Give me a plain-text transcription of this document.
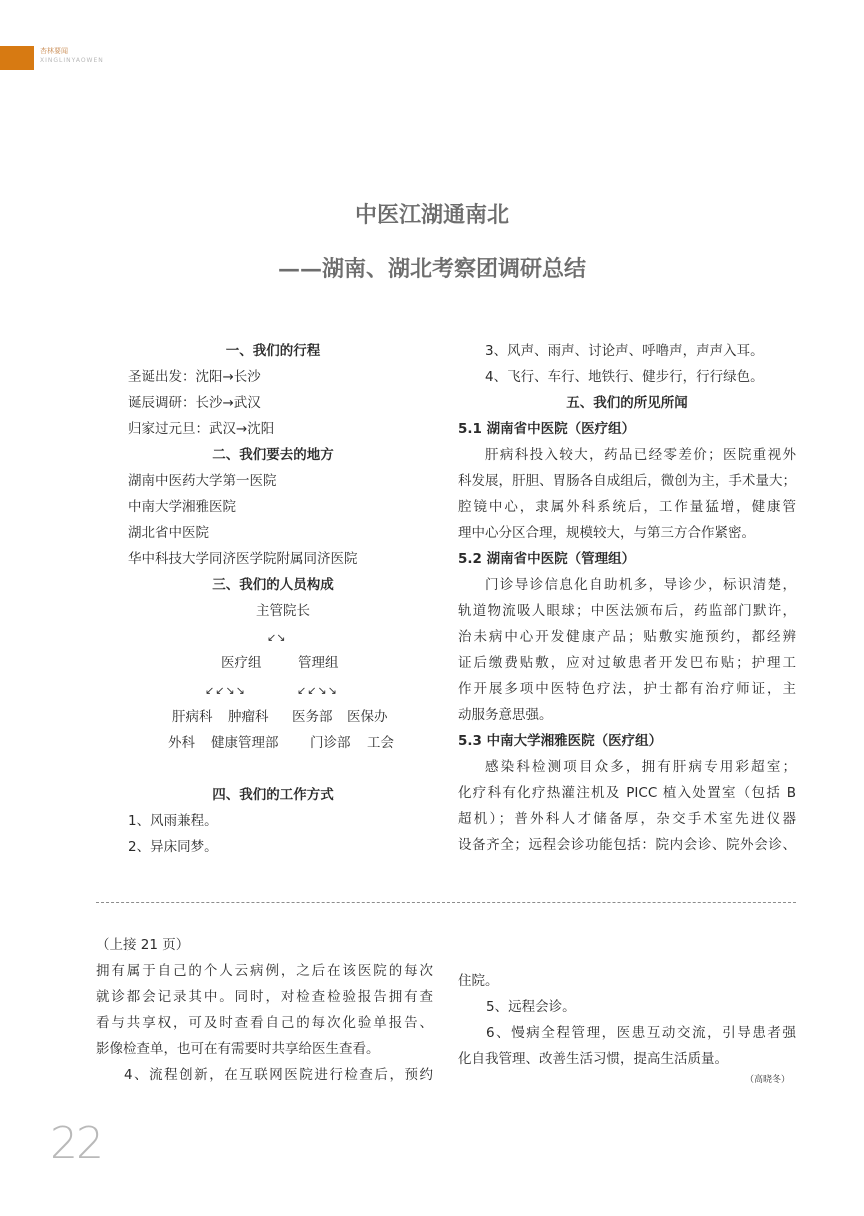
杏林要闻
XINGLINYAOWEN
中医江湖通南北
——湖南、湖北考察团调研总结
一、我们的行程
圣诞出发：沈阳→长沙
诞辰调研：长沙→武汉
归家过元旦：武汉→沈阳
二、我们要去的地方
湖南中医药大学第一医院
中南大学湘雅医院
湖北省中医院
华中科技大学同济医学院附属同济医院
三、我们的人员构成
主管院长
↙↘
医疗组	管理组
↙↙↘↘	↙↙↘↘
肝病科 肿瘤科 医务部 医保办
外科 健康管理部 门诊部 工会
四、我们的工作方式
1、风雨兼程。
2、异床同梦。
3、风声、雨声、讨论声、呼噜声，声声入耳。
4、飞行、车行、地铁行、健步行，行行绿色。
五、我们的所见所闻
5.1 湖南省中医院（医疗组）
肝病科投入较大，药品已经零差价；医院重视外
科发展，肝胆、胃肠各自成组后，微创为主，手术量大；
腔镜中心，隶属外科系统后，工作量猛增，健康管
理中心分区合理，规模较大，与第三方合作紧密。
5.2 湖南省中医院（管理组）
门诊导诊信息化自助机多，导诊少，标识清楚，
轨道物流吸人眼球；中医法颁布后，药监部门默许，
治未病中心开发健康产品；贴敷实施预约，都经辨
证后缴费贴敷，应对过敏患者开发巴布贴；护理工
作开展多项中医特色疗法，护士都有治疗师证，主
动服务意思强。
5.3 中南大学湘雅医院（医疗组）
感染科检测项目众多，拥有肝病专用彩超室；
化疗科有化疗热灌注机及 PICC 植入处置室（包括 B
超机）；普外科人才储备厚，杂交手术室先进仪器
设备齐全；远程会诊功能包括：院内会诊、院外会诊、
（上接 21 页）
拥有属于自己的个人云病例，之后在该医院的每次
就诊都会记录其中。同时，对检查检验报告拥有查
看与共享权，可及时查看自己的每次化验单报告、
影像检查单，也可在有需要时共享给医生查看。
4、流程创新，在互联网医院进行检查后，预约
住院。
5、远程会诊。
6、慢病全程管理，医患互动交流，引导患者强
化自我管理、改善生活习惯，提高生活质量。
（高晓冬）
22
